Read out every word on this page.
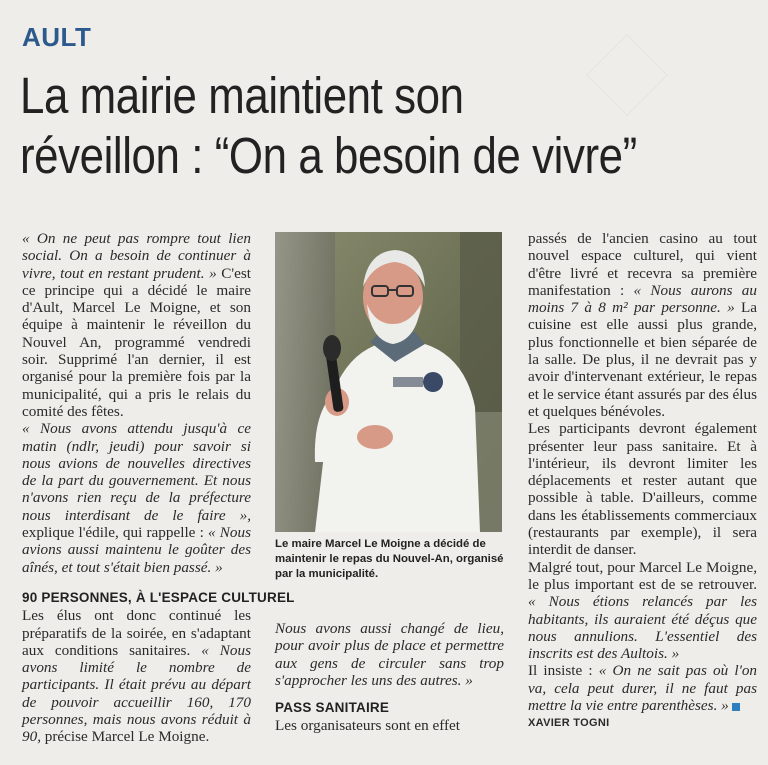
AULT
La mairie maintient son
réveillon : “On a besoin de vivre”

« On ne peut pas rompre tout lien social. On a besoin de continuer à vivre, tout en restant prudent. » C'est ce principe qui a décidé le maire d'Ault, Marcel Le Moigne, et son équipe à maintenir le réveillon du Nouvel An, programmé vendredi soir. Supprimé l'an dernier, il est organisé pour la première fois par la municipalité, qui a pris le relais du comité des fêtes.

« Nous avons attendu jusqu'à ce matin (ndlr, jeudi) pour savoir si nous avions de nouvelles directives de la part du gouvernement. Et nous n'avons rien reçu de la préfecture nous interdisant de le faire », explique l'édile, qui rappelle : « Nous avions aussi maintenu le goûter des aînés, et tout s'était bien passé. »

90 PERSONNES, À L'ESPACE CULTUREL

Les élus ont donc continué les préparatifs de la soirée, en s'adaptant aux conditions sanitaires. « Nous avons limité le nombre de participants. Il était prévu au départ de pouvoir accueillir 160, 170 personnes, mais nous avons réduit à 90, précise Marcel Le Moigne.

Le maire Marcel Le Moigne a décidé de maintenir le repas du Nouvel-An, organisé par la municipalité.

Nous avons aussi changé de lieu, pour avoir plus de place et permettre aux gens de circuler sans trop s'approcher les uns des autres. »

PASS SANITAIRE

Les organisateurs sont en effet

passés de l'ancien casino au tout nouvel espace culturel, qui vient d'être livré et recevra sa première manifestation : « Nous aurons au moins 7 à 8 m² par personne. » La cuisine est elle aussi plus grande, plus fonctionnelle et bien séparée de la salle. De plus, il ne devrait pas y avoir d'intervenant extérieur, le repas et le service étant assurés par des élus et quelques bénévoles.

Les participants devront également présenter leur pass sanitaire. Et à l'intérieur, ils devront limiter les déplacements et rester autant que possible à table. D'ailleurs, comme dans les établissements commerciaux (restaurants par exemple), il sera interdit de danser.

Malgré tout, pour Marcel Le Moigne, le plus important est de se retrouver. « Nous étions relancés par les habitants, ils auraient été déçus que nous annulions. L'essentiel des inscrits est des Aultois. »

Il insiste : « On ne sait pas où l'on va, cela peut durer, il ne faut pas mettre la vie entre parenthèses. »

XAVIER TOGNI
